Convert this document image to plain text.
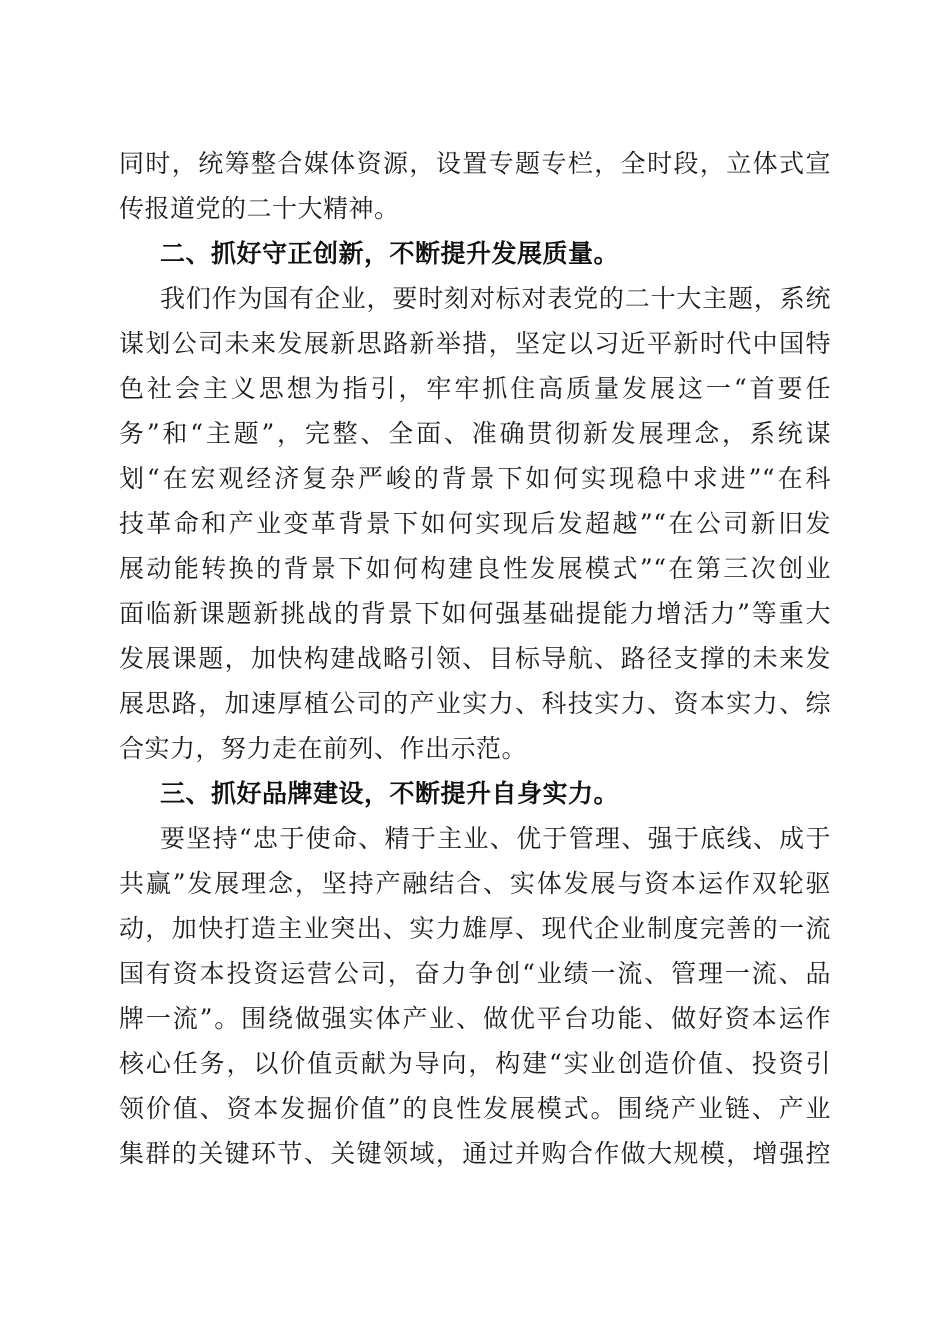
同时，统筹整合媒体资源，设置专题专栏，全时段，立体式宣
传报道党的二十大精神。
二、抓好守正创新，不断提升发展质量。
我们作为国有企业，要时刻对标对表党的二十大主题，系统
谋划公司未来发展新思路新举措，坚定以习近平新时代中国特
色社会主义思想为指引，牢牢抓住高质量发展这一“首要任
务”和“主题”，完整、全面、准确贯彻新发展理念，系统谋
划“在宏观经济复杂严峻的背景下如何实现稳中求进”“在科
技革命和产业变革背景下如何实现后发超越”“在公司新旧发
展动能转换的背景下如何构建良性发展模式”“在第三次创业
面临新课题新挑战的背景下如何强基础提能力增活力”等重大
发展课题，加快构建战略引领、目标导航、路径支撑的未来发
展思路，加速厚植公司的产业实力、科技实力、资本实力、综
合实力，努力走在前列、作出示范。
三、抓好品牌建设，不断提升自身实力。
要坚持“忠于使命、精于主业、优于管理、强于底线、成于
共赢”发展理念，坚持产融结合、实体发展与资本运作双轮驱
动，加快打造主业突出、实力雄厚、现代企业制度完善的一流
国有资本投资运营公司，奋力争创“业绩一流、管理一流、品
牌一流”。围绕做强实体产业、做优平台功能、做好资本运作
核心任务，以价值贡献为导向，构建“实业创造价值、投资引
领价值、资本发掘价值”的良性发展模式。围绕产业链、产业
集群的关键环节、关键领域，通过并购合作做大规模，增强控
